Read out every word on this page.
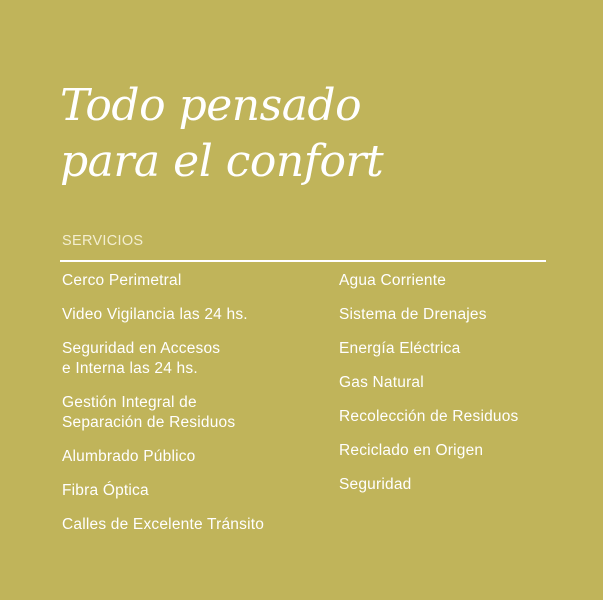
Todo pensado
para el confort
SERVICIOS
Cerco Perimetral
Video Vigilancia las 24 hs.
Seguridad en Accesos
e Interna las 24 hs.
Gestión Integral de
Separación de Residuos
Alumbrado Público
Fibra Óptica
Calles de Excelente Tránsito
Agua Corriente
Sistema de Drenajes
Energía Eléctrica
Gas Natural
Recolección de Residuos
Reciclado en Origen
Seguridad
